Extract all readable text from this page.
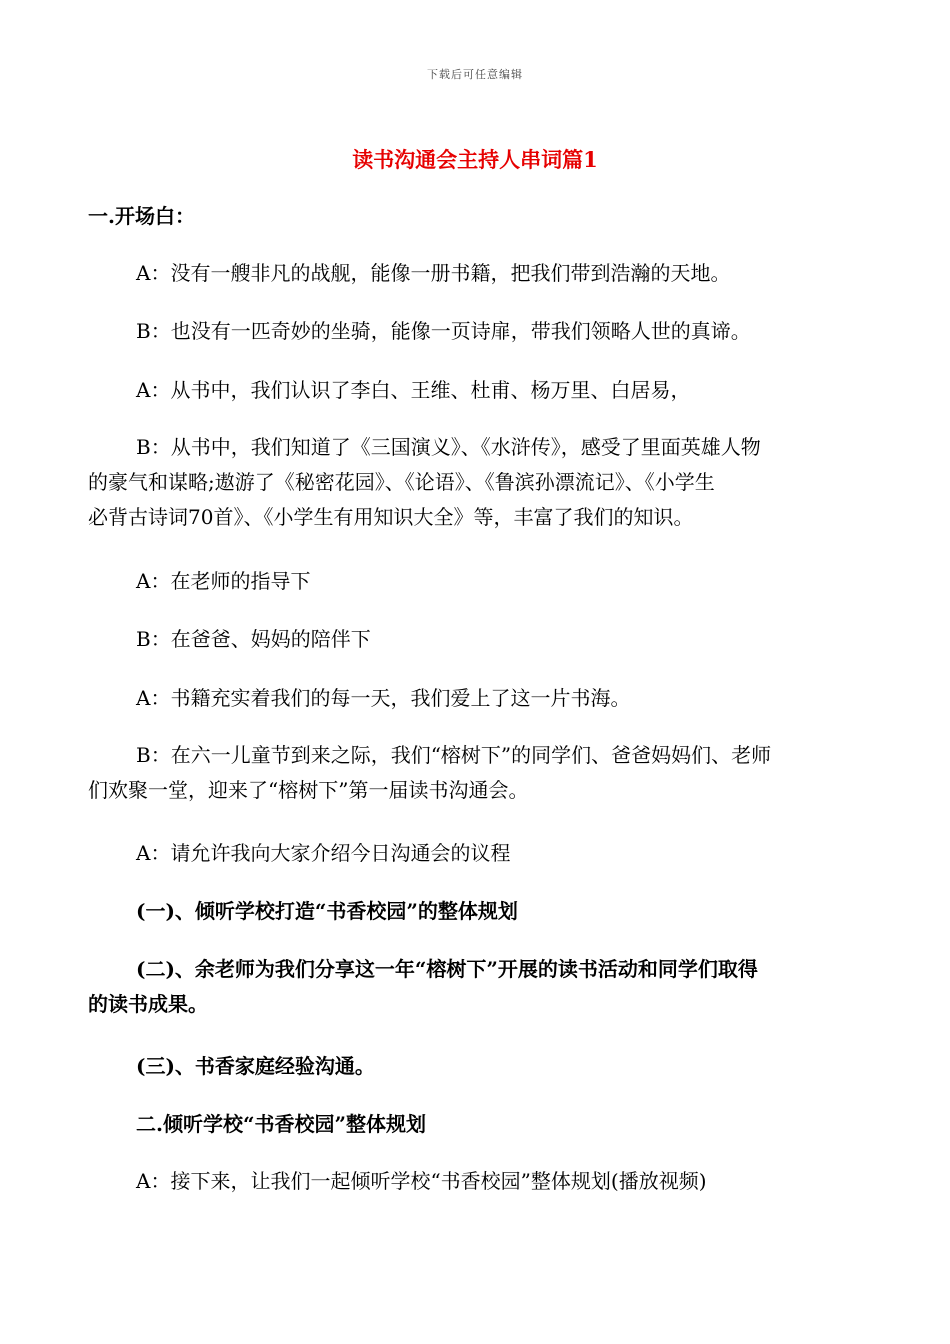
下载后可任意编辑
读书沟通会主持人串词篇1

一.开场白：

A：没有一艘非凡的战舰，能像一册书籍，把我们带到浩瀚的天地。

B：也没有一匹奇妙的坐骑，能像一页诗扉，带我们领略人世的真谛。

A：从书中，我们认识了李白、王维、杜甫、杨万里、白居易，

B：从书中，我们知道了《三国演义》、《水浒传》，感受了里面英雄人物
的豪气和谋略;遨游了《秘密花园》、《论语》、《鲁滨孙漂流记》、《小学生
必背古诗词70首》、《小学生有用知识大全》等，丰富了我们的知识。

A：在老师的指导下

B：在爸爸、妈妈的陪伴下

A：书籍充实着我们的每一天，我们爱上了这一片书海。

B：在六一儿童节到来之际，我们“榕树下”的同学们、爸爸妈妈们、老师
们欢聚一堂，迎来了“榕树下”第一届读书沟通会。

A：请允许我向大家介绍今日沟通会的议程

(一)、倾听学校打造“书香校园”的整体规划

(二)、余老师为我们分享这一年“榕树下”开展的读书活动和同学们取得
的读书成果。

(三)、书香家庭经验沟通。

二.倾听学校“书香校园”整体规划

A：接下来，让我们一起倾听学校“书香校园”整体规划(播放视频)
